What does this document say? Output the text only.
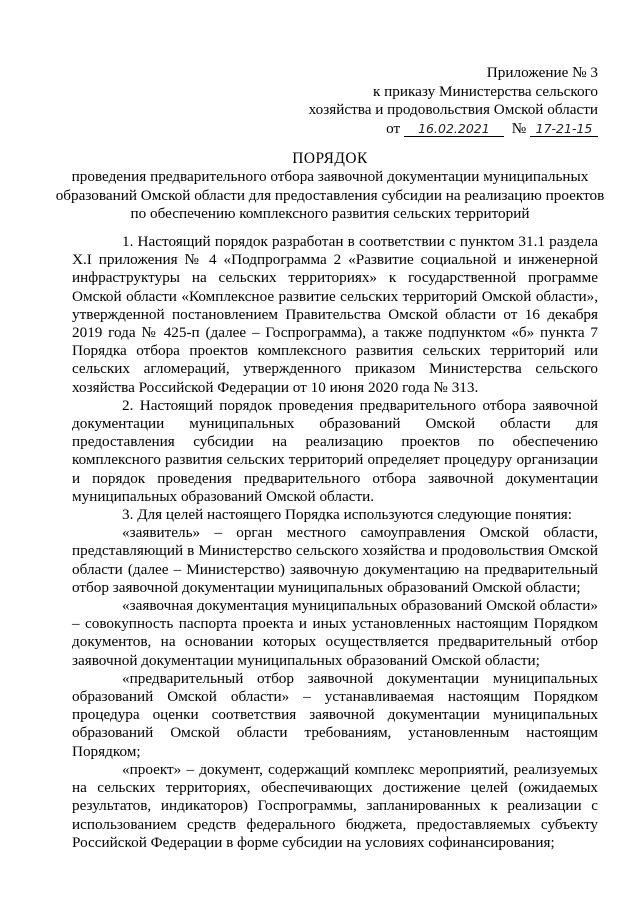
Приложение № 3
к приказу Министерства сельского
хозяйства и продовольствия Омской области
от 16.02.2021 № 17-21-15
ПОРЯДОК
проведения предварительного отбора заявочной документации муниципальных образований Омской области для предоставления субсидии на реализацию проектов по обеспечению комплексного развития сельских территорий

1. Настоящий порядок разработан в соответствии с пунктом 31.1 раздела X.I приложения № 4 «Подпрограмма 2 «Развитие социальной и инженерной инфраструктуры на сельских территориях» к государственной программе Омской области «Комплексное развитие сельских территорий Омской области», утвержденной постановлением Правительства Омской области от 16 декабря 2019 года № 425-п (далее – Госпрограмма), а также подпунктом «б» пункта 7 Порядка отбора проектов комплексного развития сельских территорий или сельских агломераций, утвержденного приказом Министерства сельского хозяйства Российской Федерации от 10 июня 2020 года № 313.

2. Настоящий порядок проведения предварительного отбора заявочной документации муниципальных образований Омской области для предоставления субсидии на реализацию проектов по обеспечению комплексного развития сельских территорий определяет процедуру организации и порядок проведения предварительного отбора заявочной документации муниципальных образований Омской области.

3. Для целей настоящего Порядка используются следующие понятия:

«заявитель» – орган местного самоуправления Омской области, представляющий в Министерство сельского хозяйства и продовольствия Омской области (далее – Министерство) заявочную документацию на предварительный отбор заявочной документации муниципальных образований Омской области;

«заявочная документация муниципальных образований Омской области» – совокупность паспорта проекта и иных установленных настоящим Порядком документов, на основании которых осуществляется предварительный отбор заявочной документации муниципальных образований Омской области;

«предварительный отбор заявочной документации муниципальных образований Омской области» – устанавливаемая настоящим Порядком процедура оценки соответствия заявочной документации муниципальных образований Омской области требованиям, установленным настоящим Порядком;

«проект» – документ, содержащий комплекс мероприятий, реализуемых на сельских территориях, обеспечивающих достижение целей (ожидаемых результатов, индикаторов) Госпрограммы, запланированных к реализации с использованием средств федерального бюджета, предоставляемых субъекту Российской Федерации в форме субсидии на условиях софинансирования;
